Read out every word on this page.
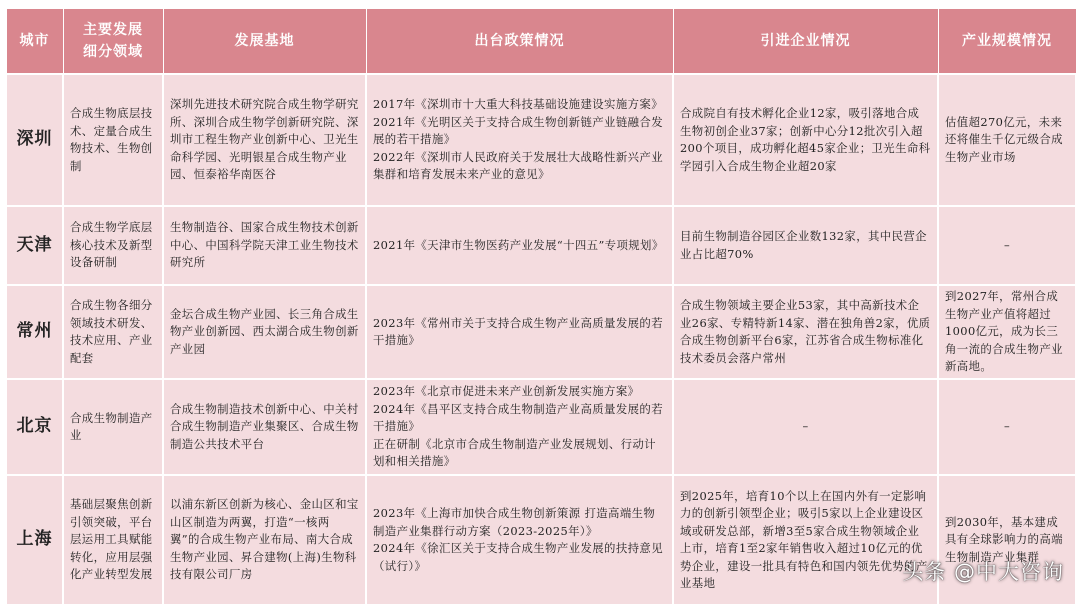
城市	主要发展
细分领域	发展基地	出台政策情况	引进企业情况	产业规模情况
深圳	合成生物底层技术、定量合成生物技术、生物创制	深圳先进技术研究院合成生物学研究所、深圳合成生物学创新研究院、深圳市工程生物产业创新中心、卫光生命科学园、光明银星合成生物产业园、恒泰裕华南医谷	2017年《深圳市十大重大科技基础设施建设实施方案》
2021年《光明区关于支持合成生物创新链产业链融合发展的若干措施》
2022年《深圳市人民政府关于发展壮大战略性新兴产业集群和培育发展未来产业的意见》	合成院自有技术孵化企业12家，吸引落地合成生物初创企业37家；创新中心分12批次引入超200个项目，成功孵化超45家企业；卫光生命科学园引入合成生物企业超20家	估值超270亿元，未来还将催生千亿元级合成生物产业市场
天津	合成生物学底层核心技术及新型设备研制	生物制造谷、国家合成生物技术创新中心、中国科学院天津工业生物技术研究所	2021年《天津市生物医药产业发展“十四五”专项规划》	目前生物制造谷园区企业数132家，其中民营企业占比超70%	–
常州	合成生物各细分领域技术研发、技术应用、产业配套	金坛合成生物产业园、长三角合成生物产业创新园、西太湖合成生物创新产业园	2023年《常州市关于支持合成生物产业高质量发展的若干措施》	合成生物领域主要企业53家，其中高新技术企业26家、专精特新14家、潜在独角兽2家，优质合成生物创新平台6家，江苏省合成生物标准化技术委员会落户常州	到2027年，常州合成生物产业产值将超过1000亿元，成为长三角一流的合成生物产业新高地。
北京	合成生物制造产业	合成生物制造技术创新中心、中关村合成生物制造产业集聚区、合成生物制造公共技术平台	2023年《北京市促进未来产业创新发展实施方案》
2024年《昌平区支持合成生物制造产业高质量发展的若干措施》
正在研制《北京市合成生物制造产业发展规划、行动计划和相关措施》	–	–
上海	基础层聚焦创新引领突破，平台层运用工具赋能转化，应用层强化产业转型发展	以浦东新区创新为核心、金山区和宝山区制造为两翼，打造“一核两翼”的合成生物产业布局、南大合成生物产业园、昇合建物(上海)生物科技有限公司厂房	2023年《上海市加快合成生物创新策源 打造高端生物制造产业集群行动方案（2023-2025年）》
2024年《徐汇区关于支持合成生物产业发展的扶持意见 （试行）》	到2025年，培育10个以上在国内外有一定影响力的创新引领型企业；吸引5家以上企业建设区域或研发总部，新增3至5家合成生物领域企业上市，培育1至2家年销售收入超过10亿元的优势企业，建设一批具有特色和国内领先优势的产业基地	到2030年，基本建成具有全球影响力的高端生物制造产业集群
头条 @中大咨询
